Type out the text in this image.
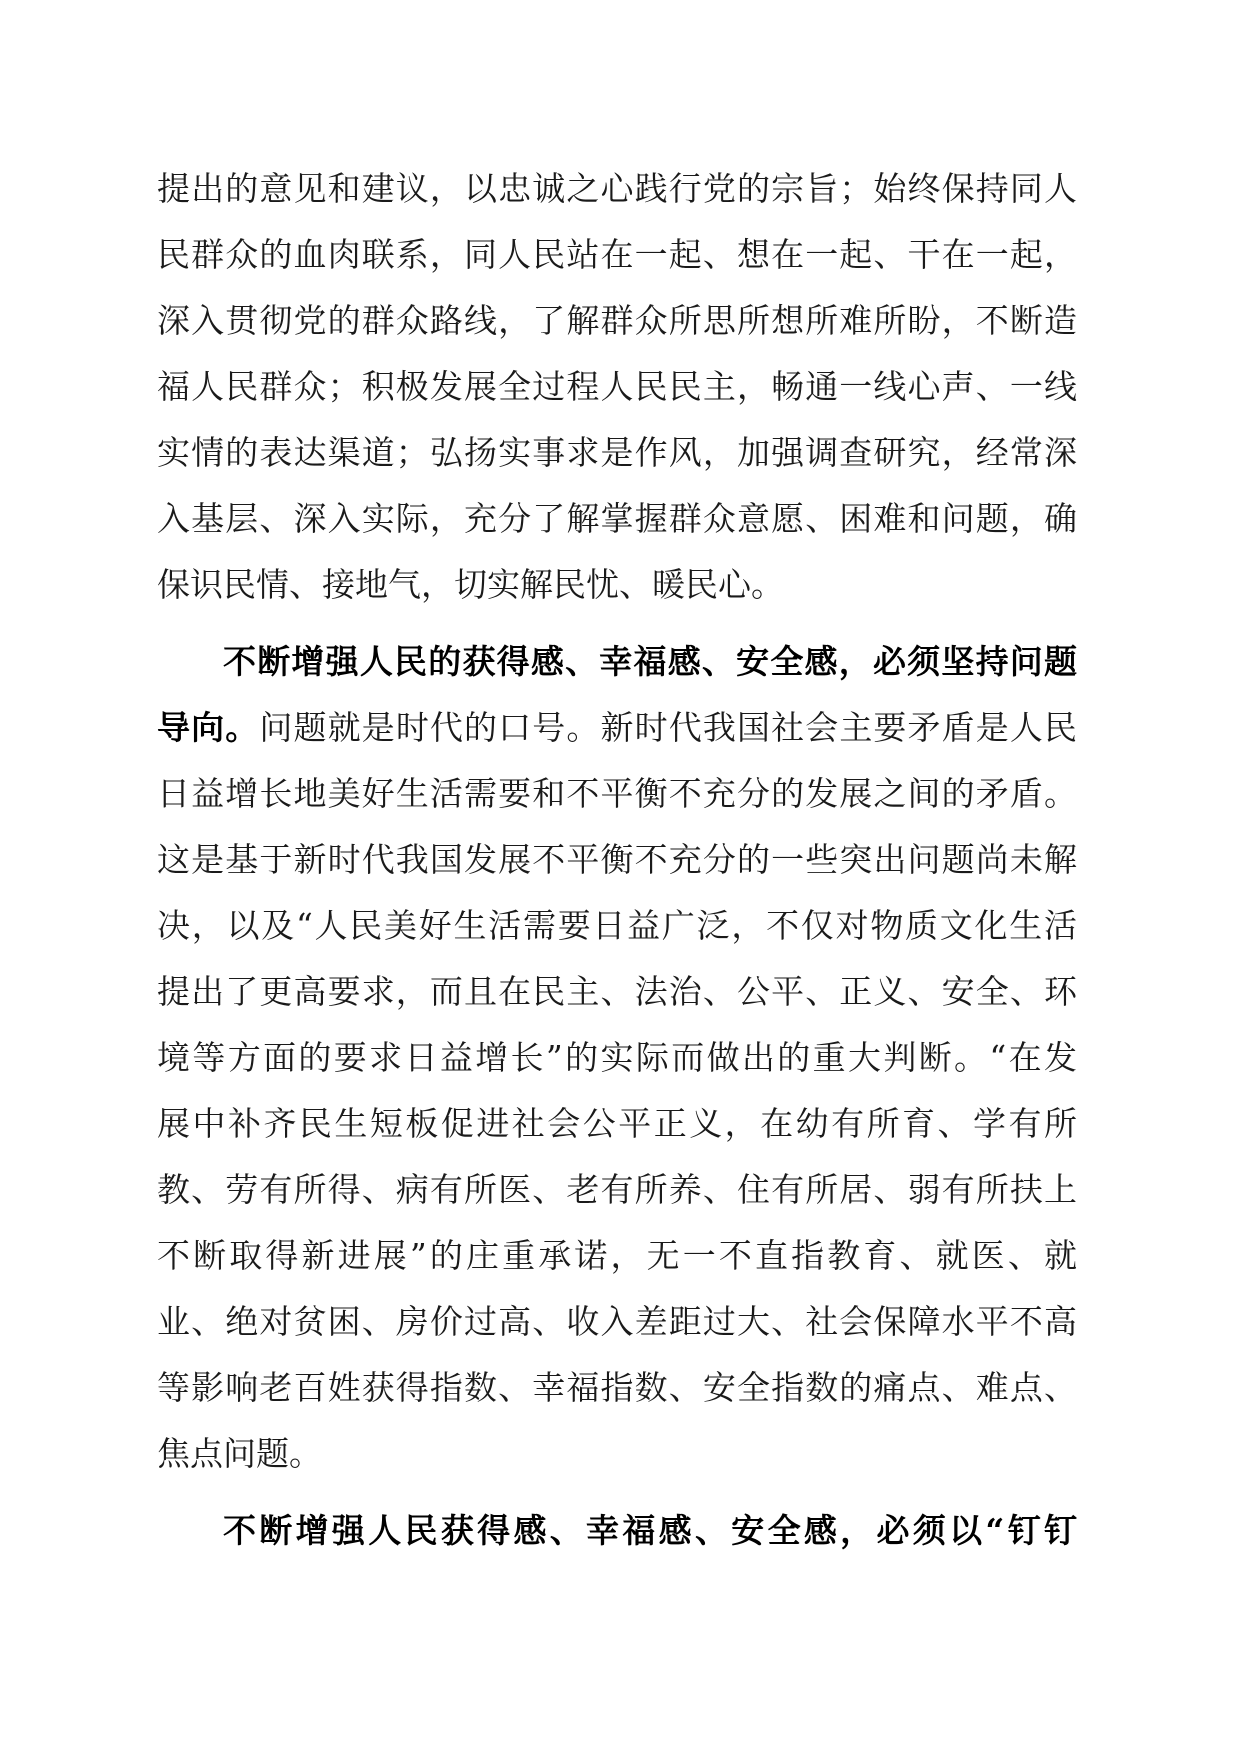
提出的意见和建议，以忠诚之心践行党的宗旨；始终保持同人
民群众的血肉联系，同人民站在一起、想在一起、干在一起，
深入贯彻党的群众路线，了解群众所思所想所难所盼，不断造
福人民群众；积极发展全过程人民民主，畅通一线心声、一线
实情的表达渠道；弘扬实事求是作风，加强调查研究，经常深
入基层、深入实际，充分了解掌握群众意愿、困难和问题，确
保识民情、接地气，切实解民忧、暖民心。
不断增强人民的获得感、幸福感、安全感，必须坚持问题
导向。问题就是时代的口号。新时代我国社会主要矛盾是人民
日益增长地美好生活需要和不平衡不充分的发展之间的矛盾。
这是基于新时代我国发展不平衡不充分的一些突出问题尚未解
决，以及“人民美好生活需要日益广泛，不仅对物质文化生活
提出了更高要求，而且在民主、法治、公平、正义、安全、环
境等方面的要求日益增长”的实际而做出的重大判断。“在发
展中补齐民生短板促进社会公平正义，在幼有所育、学有所
教、劳有所得、病有所医、老有所养、住有所居、弱有所扶上
不断取得新进展”的庄重承诺，无一不直指教育、就医、就
业、绝对贫困、房价过高、收入差距过大、社会保障水平不高
等影响老百姓获得指数、幸福指数、安全指数的痛点、难点、
焦点问题。
不断增强人民获得感、幸福感、安全感，必须以“钉钉
